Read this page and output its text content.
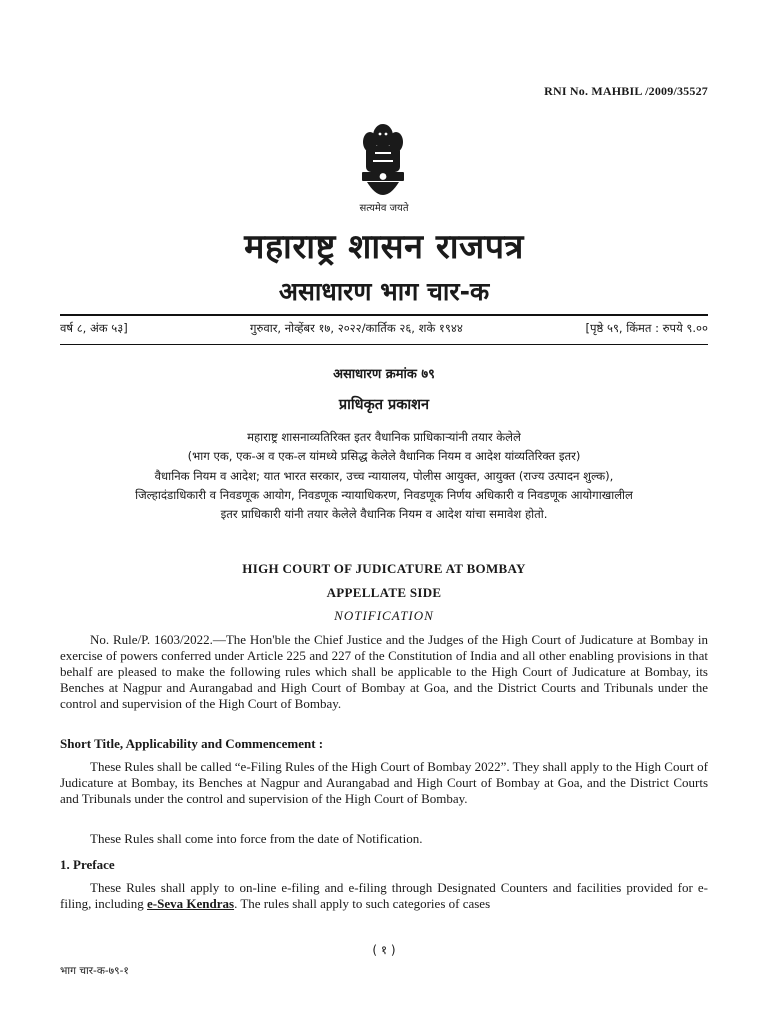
RNI No. MAHBIL /2009/35527
सत्यमेव जयते
महाराष्ट्र शासन राजपत्र
असाधारण भाग चार-क
वर्ष ८, अंक ५३]	गुरुवार, नोव्हेंबर १७, २०२२/कार्तिक २६, शके १९४४	[पृष्ठे ५९, किंमत : रुपये ९.००
असाधारण क्रमांक ७९
प्राधिकृत प्रकाशन
महाराष्ट्र शासनाव्यतिरिक्त इतर वैधानिक प्राधिकाऱ्यांनी तयार केलेले
(भाग एक, एक-अ व एक-ल यांमध्ये प्रसिद्ध केलेले वैधानिक नियम व आदेश यांव्यतिरिक्त इतर)
वैधानिक नियम व आदेश; यात भारत सरकार, उच्च न्यायालय, पोलीस आयुक्त, आयुक्त (राज्य उत्पादन शुल्क),
जिल्हादंडाधिकारी व निवडणूक आयोग, निवडणूक न्यायाधिकरण, निवडणूक निर्णय अधिकारी व निवडणूक आयोगाखालील
इतर प्राधिकारी यांनी तयार केलेले वैधानिक नियम व आदेश यांचा समावेश होतो.
HIGH COURT OF JUDICATURE AT BOMBAY
APPELLATE SIDE
NOTIFICATION
No. Rule/P. 1603/2022.—The Hon'ble the Chief Justice and the Judges of the High Court of Judicature at Bombay in exercise of powers conferred under Article 225 and 227 of the Constitution of India and all other enabling provisions in that behalf are pleased to make the following rules which shall be applicable to the High Court of Judicature at Bombay, its Benches at Nagpur and Aurangabad and High Court of Bombay at Goa, and the District Courts and Tribunals under the control and supervision of the High Court of Bombay.
Short Title, Applicability and Commencement :
These Rules shall be called “e-Filing Rules of the High Court of Bombay 2022”. They shall apply to the High Court of Judicature at Bombay, its Benches at Nagpur and Aurangabad and High Court of Bombay at Goa, and the District Courts and Tribunals under the control and supervision of the High Court of Bombay.
These Rules shall come into force from the date of Notification.
1. Preface
These Rules shall apply to on-line e-filing and e-filing through Designated Counters and facilities provided for e-filing, including e-Seva Kendras. The rules shall apply to such categories of cases
( १ )
भाग चार-क-७९-१
